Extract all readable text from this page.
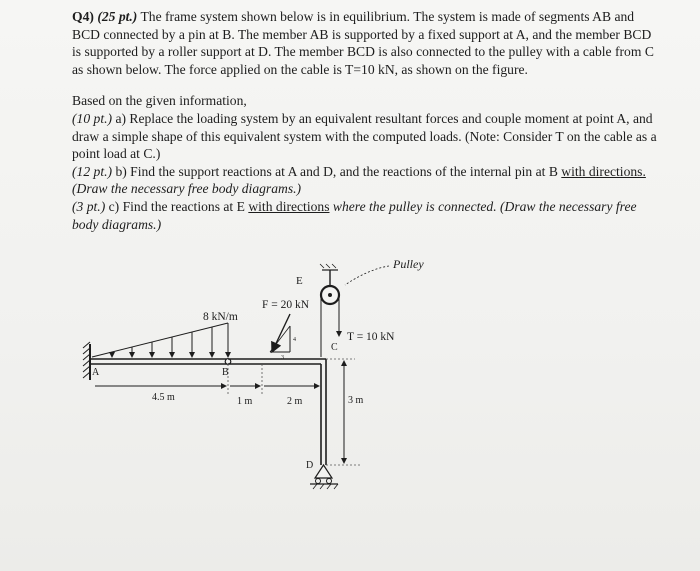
Q4) (25 pt.) The frame system shown below is in equilibrium. The system is made of segments AB and BCD connected by a pin at B. The member AB is supported by a fixed support at A, and the member BCD is supported by a roller support at D. The member BCD is also connected to the pulley with a cable from C as shown below. The force applied on the cable is T=10 kN, as shown on the figure.

Based on the given information,

(10 pt.) a) Replace the loading system by an equivalent resultant forces and couple moment at point A, and draw a simple shape of this equivalent system with the computed loads. (Note: Consider T on the cable as a point load at C.)

(12 pt.) b) Find the support reactions at A and D, and the reactions of the internal pin at B with directions. (Draw the necessary free body diagrams.)

(3 pt.) c) Find the reactions at E with directions where the pulley is connected. (Draw the necessary free body diagrams.)

Pulley
E
F = 20 kN
8 kN/m
T = 10 kN
C
A	B
D
3
4
4.5 m	1 m	2 m	3 m
